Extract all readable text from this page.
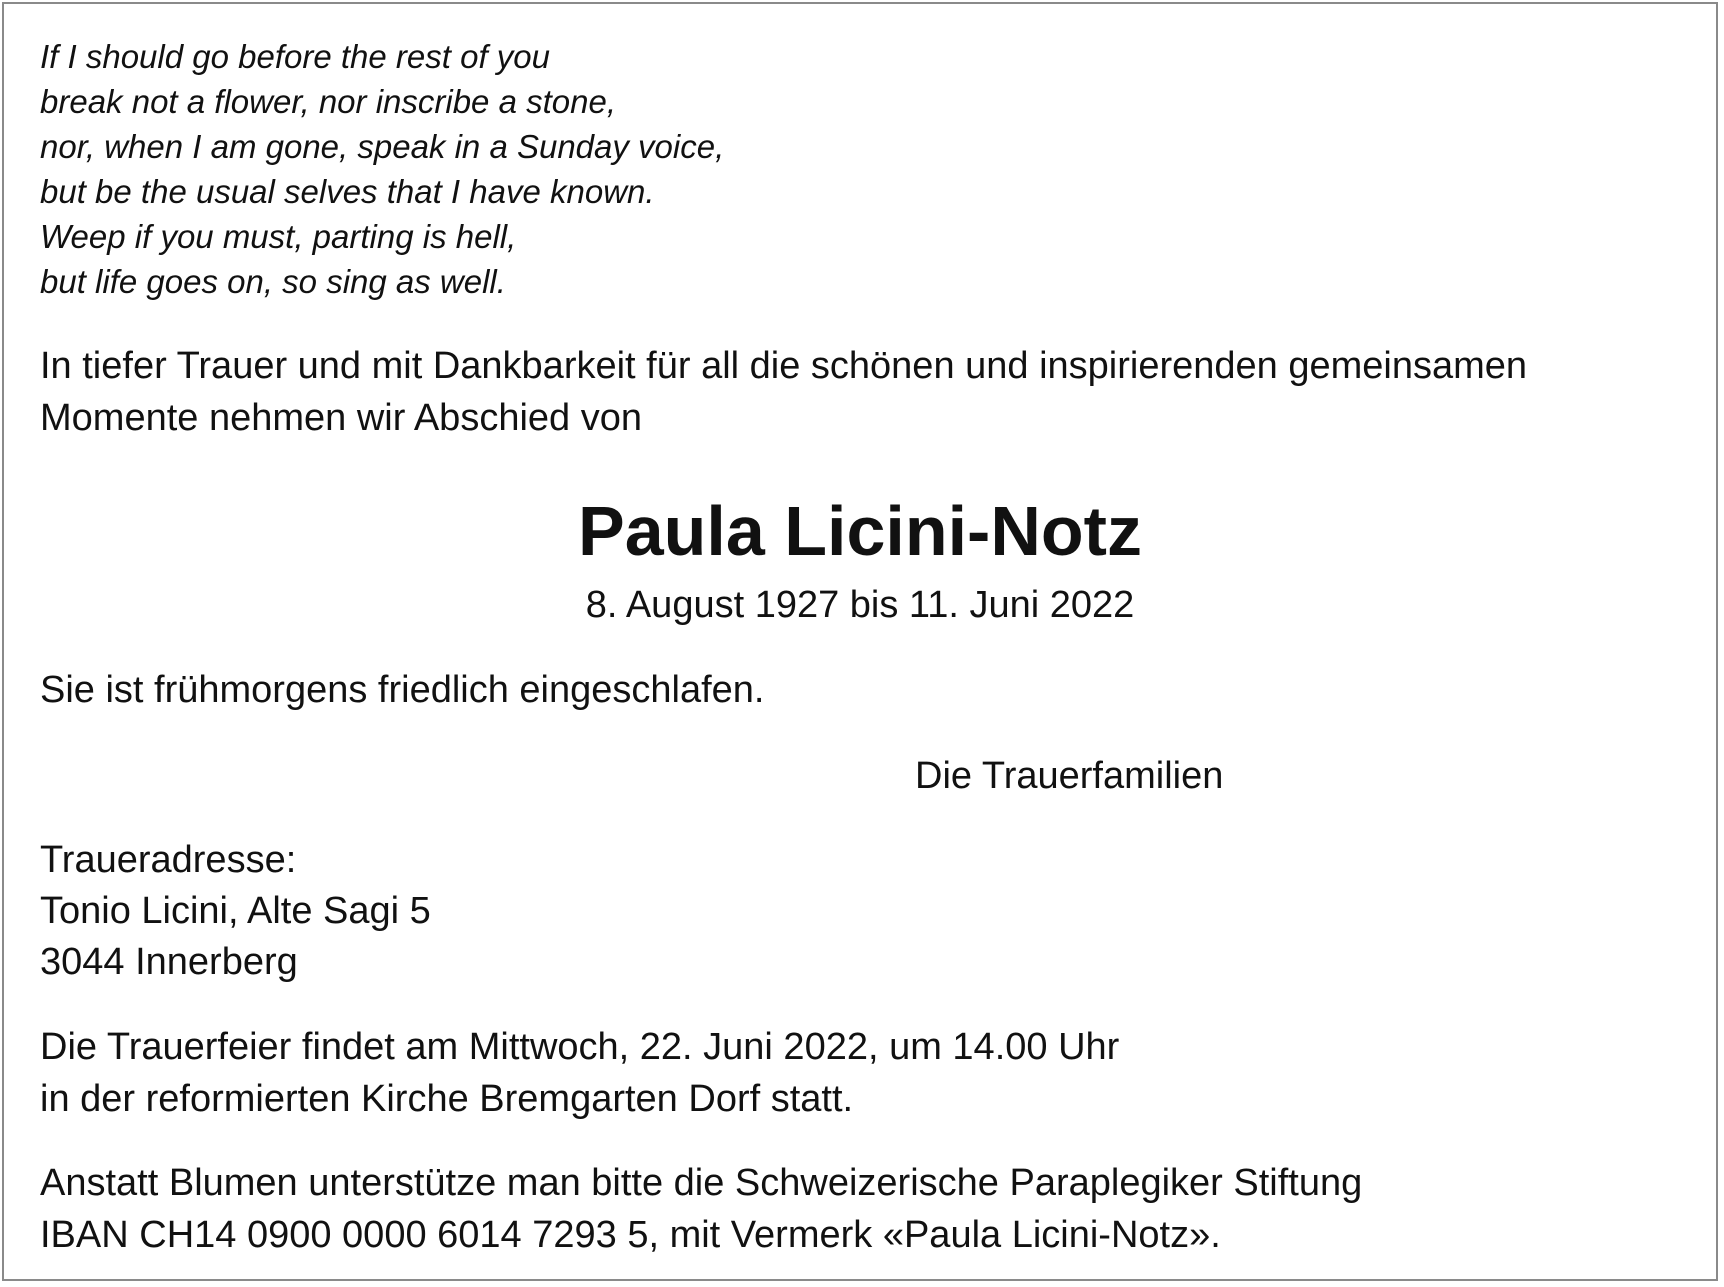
If I should go before the rest of you
break not a flower, nor inscribe a stone,
nor, when I am gone, speak in a Sunday voice,
but be the usual selves that I have known.
Weep if you must, parting is hell,
but life goes on, so sing as well.
In tiefer Trauer und mit Dankbarkeit für all die schönen und inspirierenden gemeinsamen
Momente nehmen wir Abschied von
Paula Licini-Notz
8. August 1927 bis 11. Juni 2022
Sie ist frühmorgens friedlich eingeschlafen.
Die Trauerfamilien
Traueradresse:
Tonio Licini, Alte Sagi 5
3044 Innerberg
Die Trauerfeier findet am Mittwoch, 22. Juni 2022, um 14.00 Uhr
in der reformierten Kirche Bremgarten Dorf statt.
Anstatt Blumen unterstütze man bitte die Schweizerische Paraplegiker Stiftung
IBAN CH14 0900 0000 6014 7293 5, mit Vermerk «Paula Licini-Notz».
